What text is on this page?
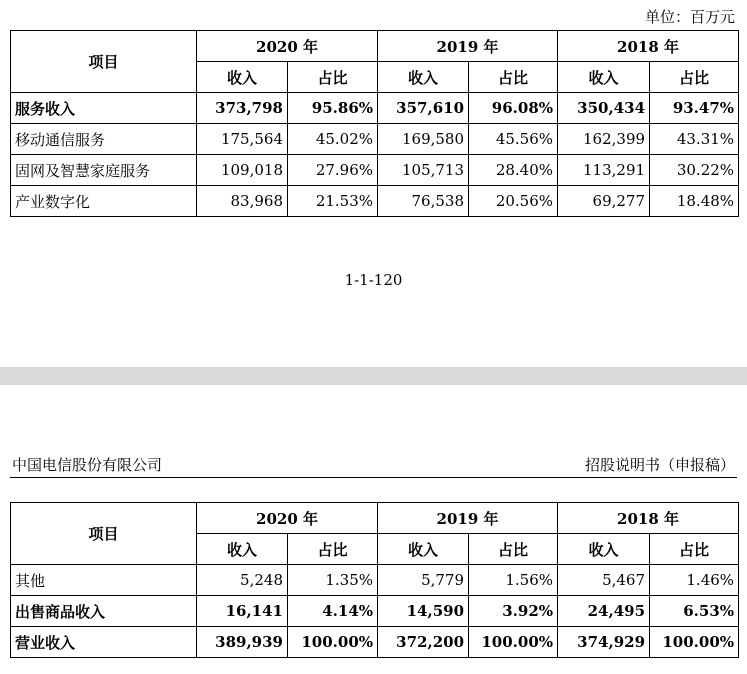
单位：百万元
项目	2020 年		2019 年		2018 年	
	收入	占比	收入	占比	收入	占比
服务收入	373,798	95.86%	357,610	96.08%	350,434	93.47%
移动通信服务	175,564	45.02%	169,580	45.56%	162,399	43.31%
固网及智慧家庭服务	109,018	27.96%	105,713	28.40%	113,291	30.22%
产业数字化	83,968	21.53%	76,538	20.56%	69,277	18.48%
1-1-120
中国电信股份有限公司	招股说明书（申报稿）
项目	2020 年		2019 年		2018 年	
	收入	占比	收入	占比	收入	占比
其他	5,248	1.35%	5,779	1.56%	5,467	1.46%
出售商品收入	16,141	4.14%	14,590	3.92%	24,495	6.53%
营业收入	389,939	100.00%	372,200	100.00%	374,929	100.00%
